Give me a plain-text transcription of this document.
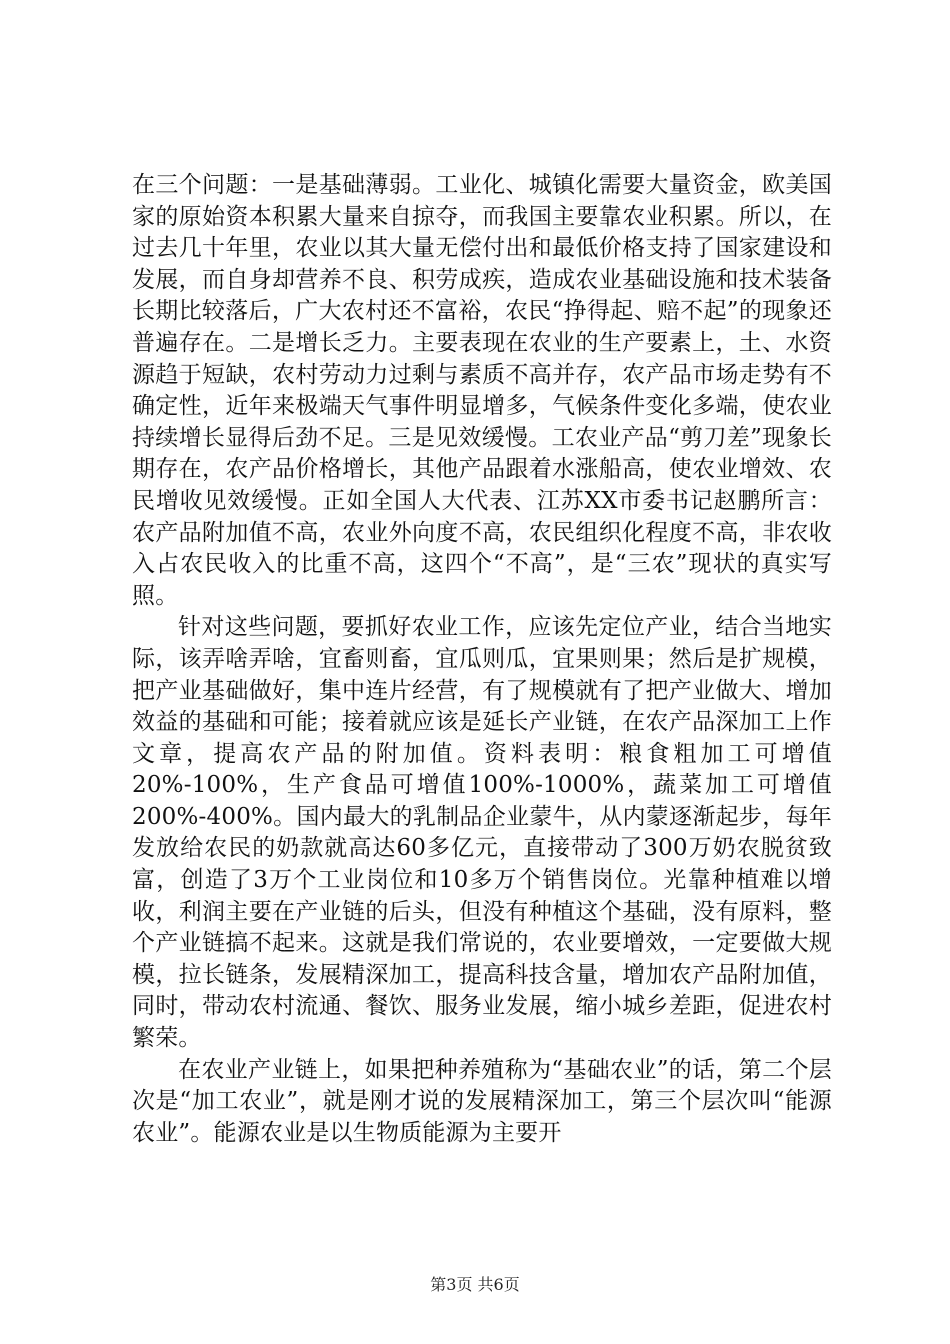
在三个问题：一是基础薄弱。工业化、城镇化需要大量资金，欧美国家的原始资本积累大量来自掠夺，而我国主要靠农业积累。所以，在过去几十年里，农业以其大量无偿付出和最低价格支持了国家建设和发展，而自身却营养不良、积劳成疾，造成农业基础设施和技术装备长期比较落后，广大农村还不富裕，农民“挣得起、赔不起”的现象还普遍存在。二是增长乏力。主要表现在农业的生产要素上，土、水资源趋于短缺，农村劳动力过剩与素质不高并存，农产品市场走势有不确定性，近年来极端天气事件明显增多，气候条件变化多端，使农业持续增长显得后劲不足。三是见效缓慢。工农业产品“剪刀差”现象长期存在，农产品价格增长，其他产品跟着水涨船高，使农业增效、农民增收见效缓慢。正如全国人大代表、江苏XX市委书记赵鹏所言：农产品附加值不高，农业外向度不高，农民组织化程度不高，非农收入占农民收入的比重不高，这四个“不高”，是“三农”现状的真实写照。

针对这些问题，要抓好农业工作，应该先定位产业，结合当地实际，该弄啥弄啥，宜畜则畜，宜瓜则瓜，宜果则果；然后是扩规模，把产业基础做好，集中连片经营，有了规模就有了把产业做大、增加效益的基础和可能；接着就应该是延长产业链，在农产品深加工上作文章，提高农产品的附加值。资料表明：粮食粗加工可增值20%-100%，生产食品可增值100%-1000%，蔬菜加工可增值200%-400%。国内最大的乳制品企业蒙牛，从内蒙逐渐起步，每年发放给农民的奶款就高达60多亿元，直接带动了300万奶农脱贫致富，创造了3万个工业岗位和10多万个销售岗位。光靠种植难以增收，利润主要在产业链的后头，但没有种植这个基础，没有原料，整个产业链搞不起来。这就是我们常说的，农业要增效，一定要做大规模，拉长链条，发展精深加工，提高科技含量，增加农产品附加值，同时，带动农村流通、餐饮、服务业发展，缩小城乡差距，促进农村繁荣。

在农业产业链上，如果把种养殖称为“基础农业”的话，第二个层次是“加工农业”，就是刚才说的发展精深加工，第三个层次叫“能源农业”。能源农业是以生物质能源为主要开

第3页 共6页
